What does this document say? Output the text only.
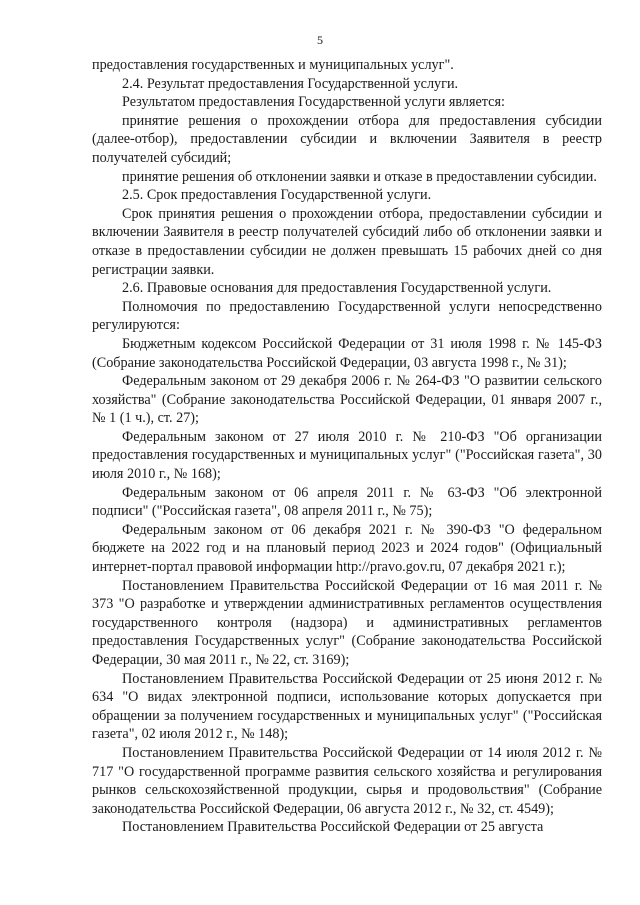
5

предоставления государственных и муниципальных услуг".

2.4. Результат предоставления Государственной услуги.

Результатом предоставления Государственной услуги является:

принятие решения о прохождении отбора для предоставления субсидии (далее-отбор), предоставлении субсидии и включении Заявителя в реестр получателей субсидий;

принятие решения об отклонении заявки и отказе в предоставлении субсидии.

2.5. Срок предоставления Государственной услуги.

Срок принятия решения о прохождении отбора, предоставлении субсидии и включении Заявителя в реестр получателей субсидий либо об отклонении заявки и отказе в предоставлении субсидии не должен превышать 15 рабочих дней со дня регистрации заявки.

2.6. Правовые основания для предоставления Государственной услуги.

Полномочия по предоставлению Государственной услуги непосредственно регулируются:

Бюджетным кодексом Российской Федерации от 31 июля 1998 г. № 145-ФЗ (Собрание законодательства Российской Федерации, 03 августа 1998 г., № 31);

Федеральным законом от 29 декабря 2006 г. № 264-ФЗ "О развитии сельского хозяйства" (Собрание законодательства Российской Федерации, 01 января 2007 г., № 1 (1 ч.), ст. 27);

Федеральным законом от 27 июля 2010 г. № 210-ФЗ "Об организации предоставления государственных и муниципальных услуг" ("Российская газета", 30 июля 2010 г., № 168);

Федеральным законом от 06 апреля 2011 г. № 63-ФЗ "Об электронной подписи" ("Российская газета", 08 апреля 2011 г., № 75);

Федеральным законом от 06 декабря 2021 г. № 390-ФЗ "О федеральном бюджете на 2022 год и на плановый период 2023 и 2024 годов" (Официальный интернет-портал правовой информации http://pravo.gov.ru, 07 декабря 2021 г.);

Постановлением Правительства Российской Федерации от 16 мая 2011 г. № 373 "О разработке и утверждении административных регламентов осуществления государственного контроля (надзора) и административных регламентов предоставления Государственных услуг" (Собрание законодательства Российской Федерации, 30 мая 2011 г., № 22, ст. 3169);

Постановлением Правительства Российской Федерации от 25 июня 2012 г. № 634 "О видах электронной подписи, использование которых допускается при обращении за получением государственных и муниципальных услуг" ("Российская газета", 02 июля 2012 г., № 148);

Постановлением Правительства Российской Федерации от 14 июля 2012 г. № 717 "О государственной программе развития сельского хозяйства и регулирования рынков сельскохозяйственной продукции, сырья и продовольствия" (Собрание законодательства Российской Федерации, 06 августа 2012 г., № 32, ст. 4549);

Постановлением Правительства Российской Федерации от 25 августа
